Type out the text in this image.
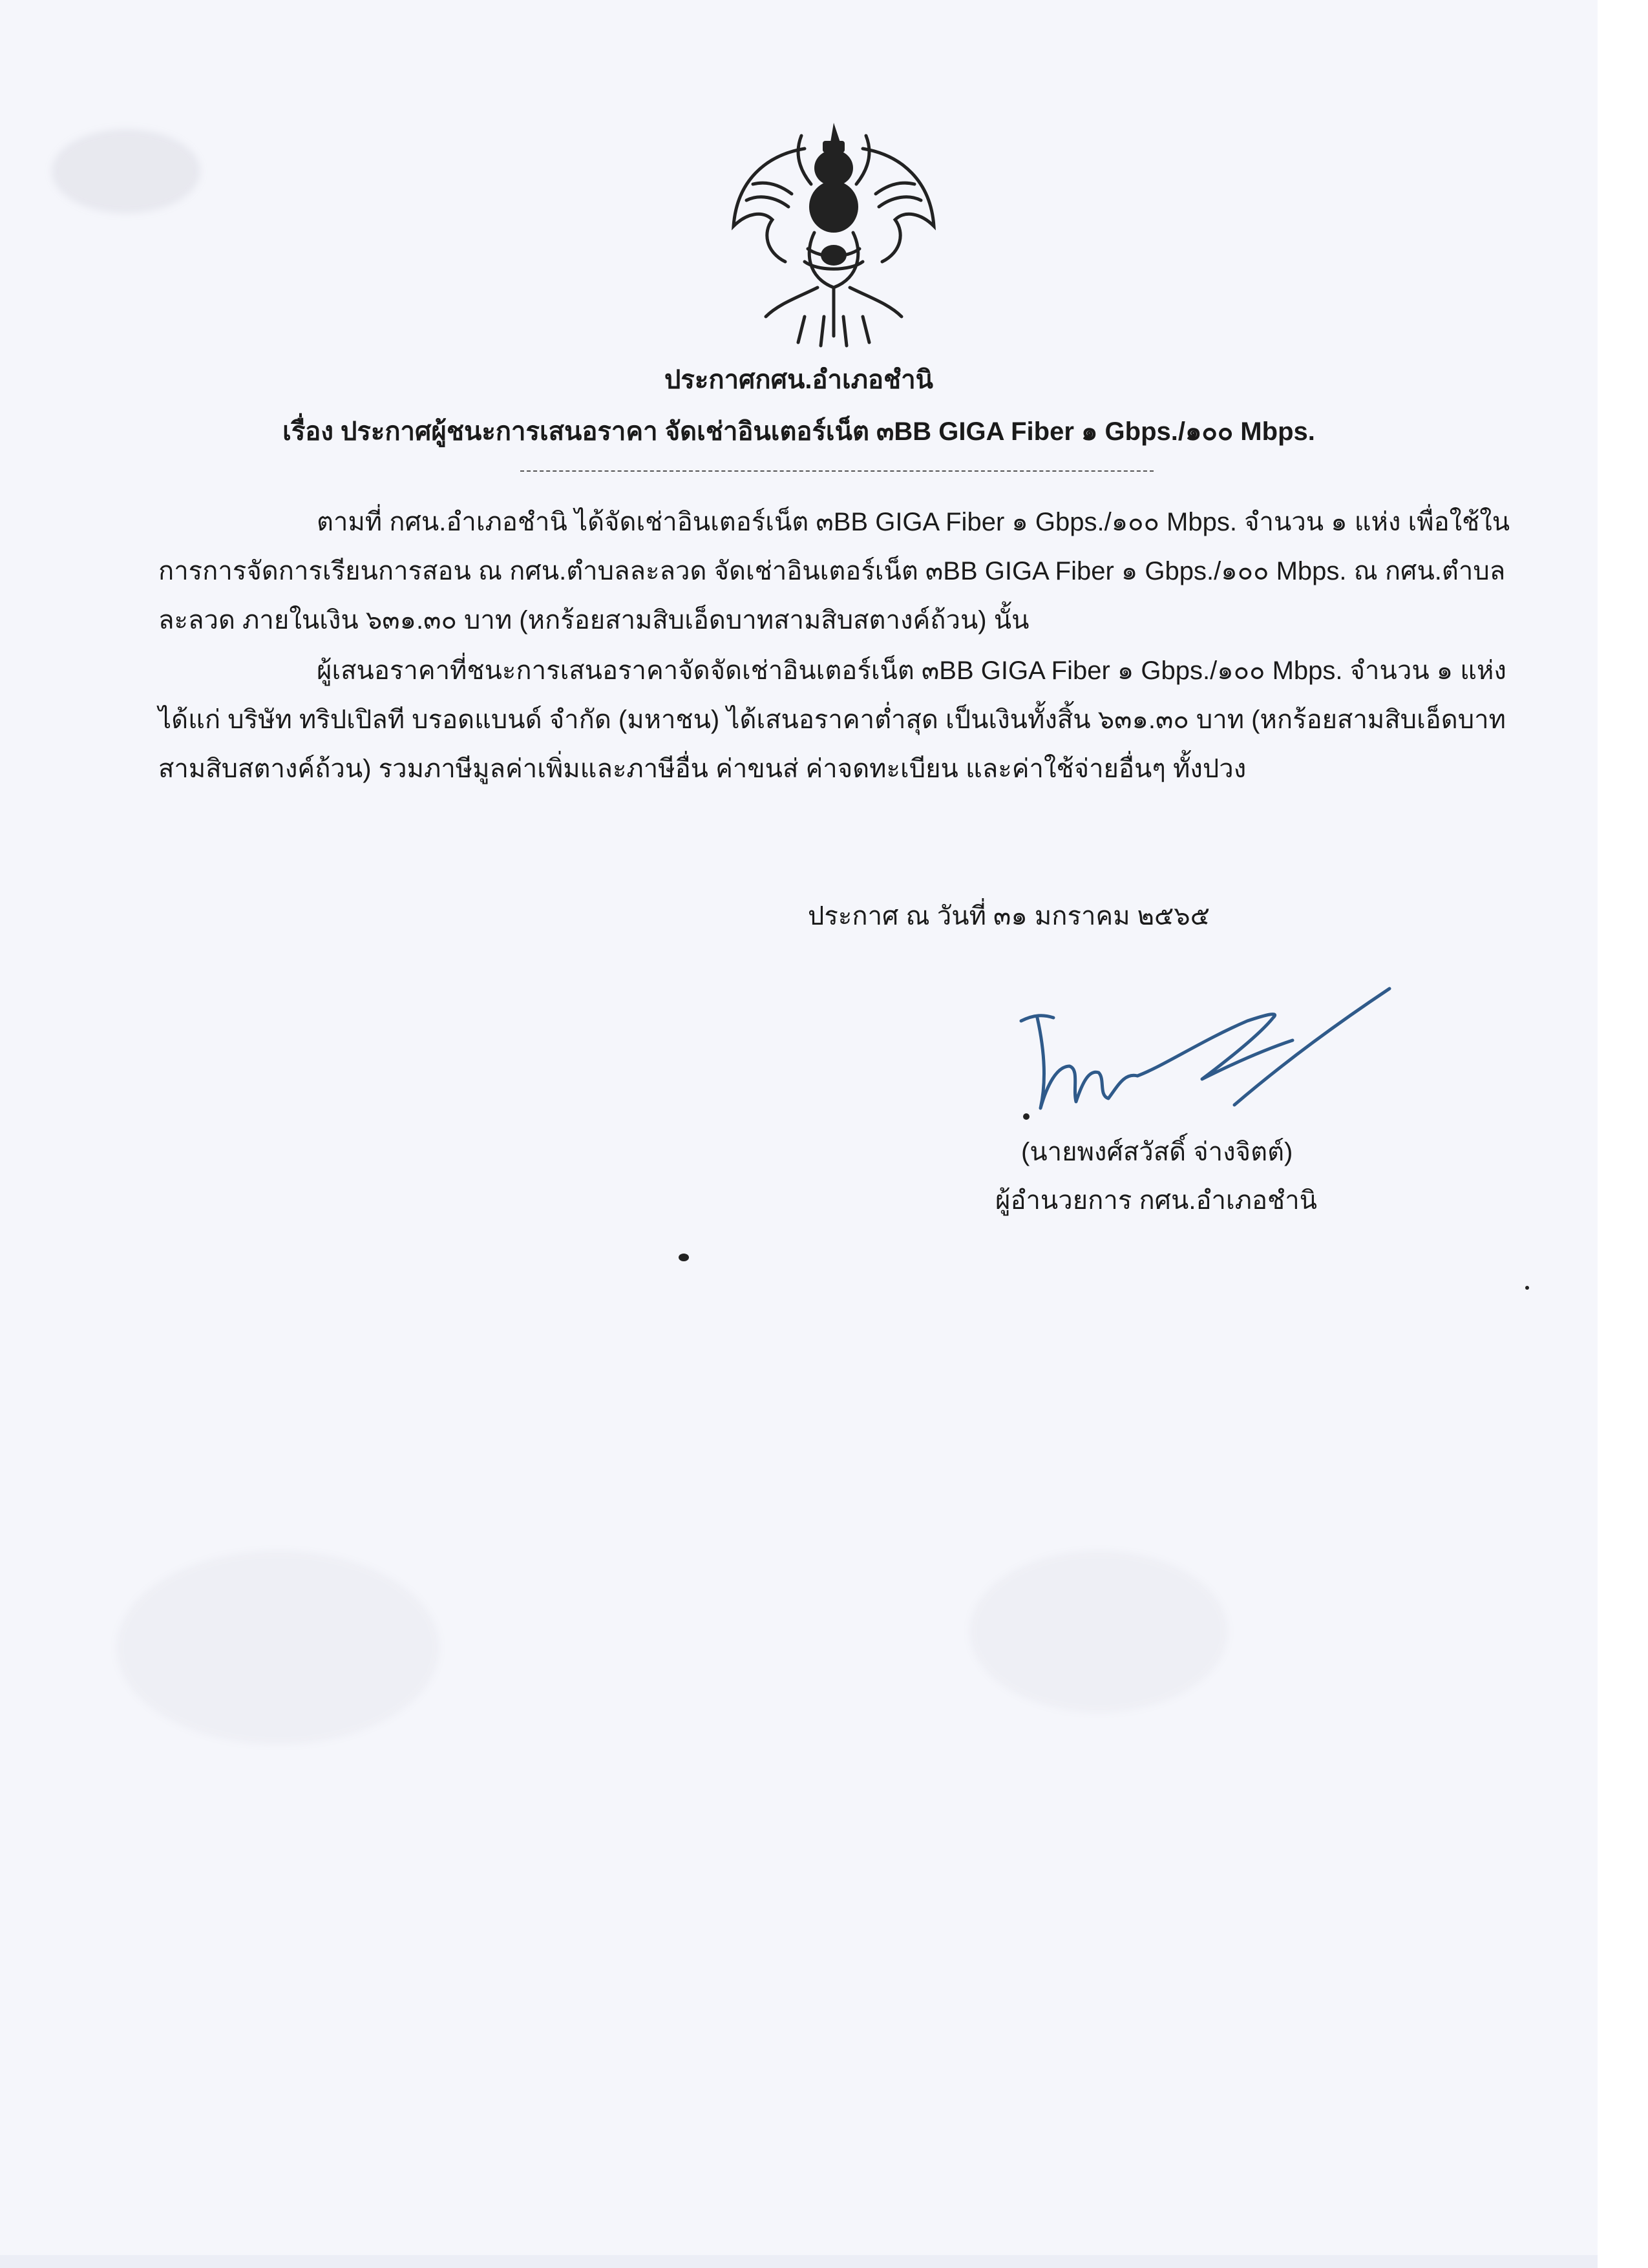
ประกาศกศน.อำเภอชำนิ
เรื่อง ประกาศผู้ชนะการเสนอราคา จัดเช่าอินเตอร์เน็ต ๓BB GIGA Fiber ๑ Gbps./๑๐๐ Mbps.

ตามที่ กศน.อำเภอชำนิ ได้จัดเช่าอินเตอร์เน็ต ๓BB GIGA Fiber ๑ Gbps./๑๐๐ Mbps. จำนวน ๑ แห่ง เพื่อใช้ในการการจัดการเรียนการสอน ณ กศน.ตำบลละลวด จัดเช่าอินเตอร์เน็ต ๓BB GIGA Fiber ๑ Gbps./๑๐๐ Mbps. ณ กศน.ตำบลละลวด ภายในเงิน ๖๓๑.๓๐ บาท (หกร้อยสามสิบเอ็ดบาทสามสิบสตางค์ถ้วน) นั้น

ผู้เสนอราคาที่ชนะการเสนอราคาจัดจัดเช่าอินเตอร์เน็ต ๓BB GIGA Fiber ๑ Gbps./๑๐๐ Mbps. จำนวน ๑ แห่ง ได้แก่ บริษัท ทริปเปิลที บรอดแบนด์ จำกัด (มหาชน) ได้เสนอราคาต่ำสุด เป็นเงินทั้งสิ้น ๖๓๑.๓๐ บาท (หกร้อยสามสิบเอ็ดบาทสามสิบสตางค์ถ้วน) รวมภาษีมูลค่าเพิ่มและภาษีอื่น ค่าขนส่ ค่าจดทะเบียน และค่าใช้จ่ายอื่นๆ ทั้งปวง

ประกาศ ณ วันที่ ๓๑ มกราคม ๒๕๖๕
(นายพงศ์สวัสดิ์ จ่างจิตต์)
ผู้อำนวยการ กศน.อำเภอชำนิ
